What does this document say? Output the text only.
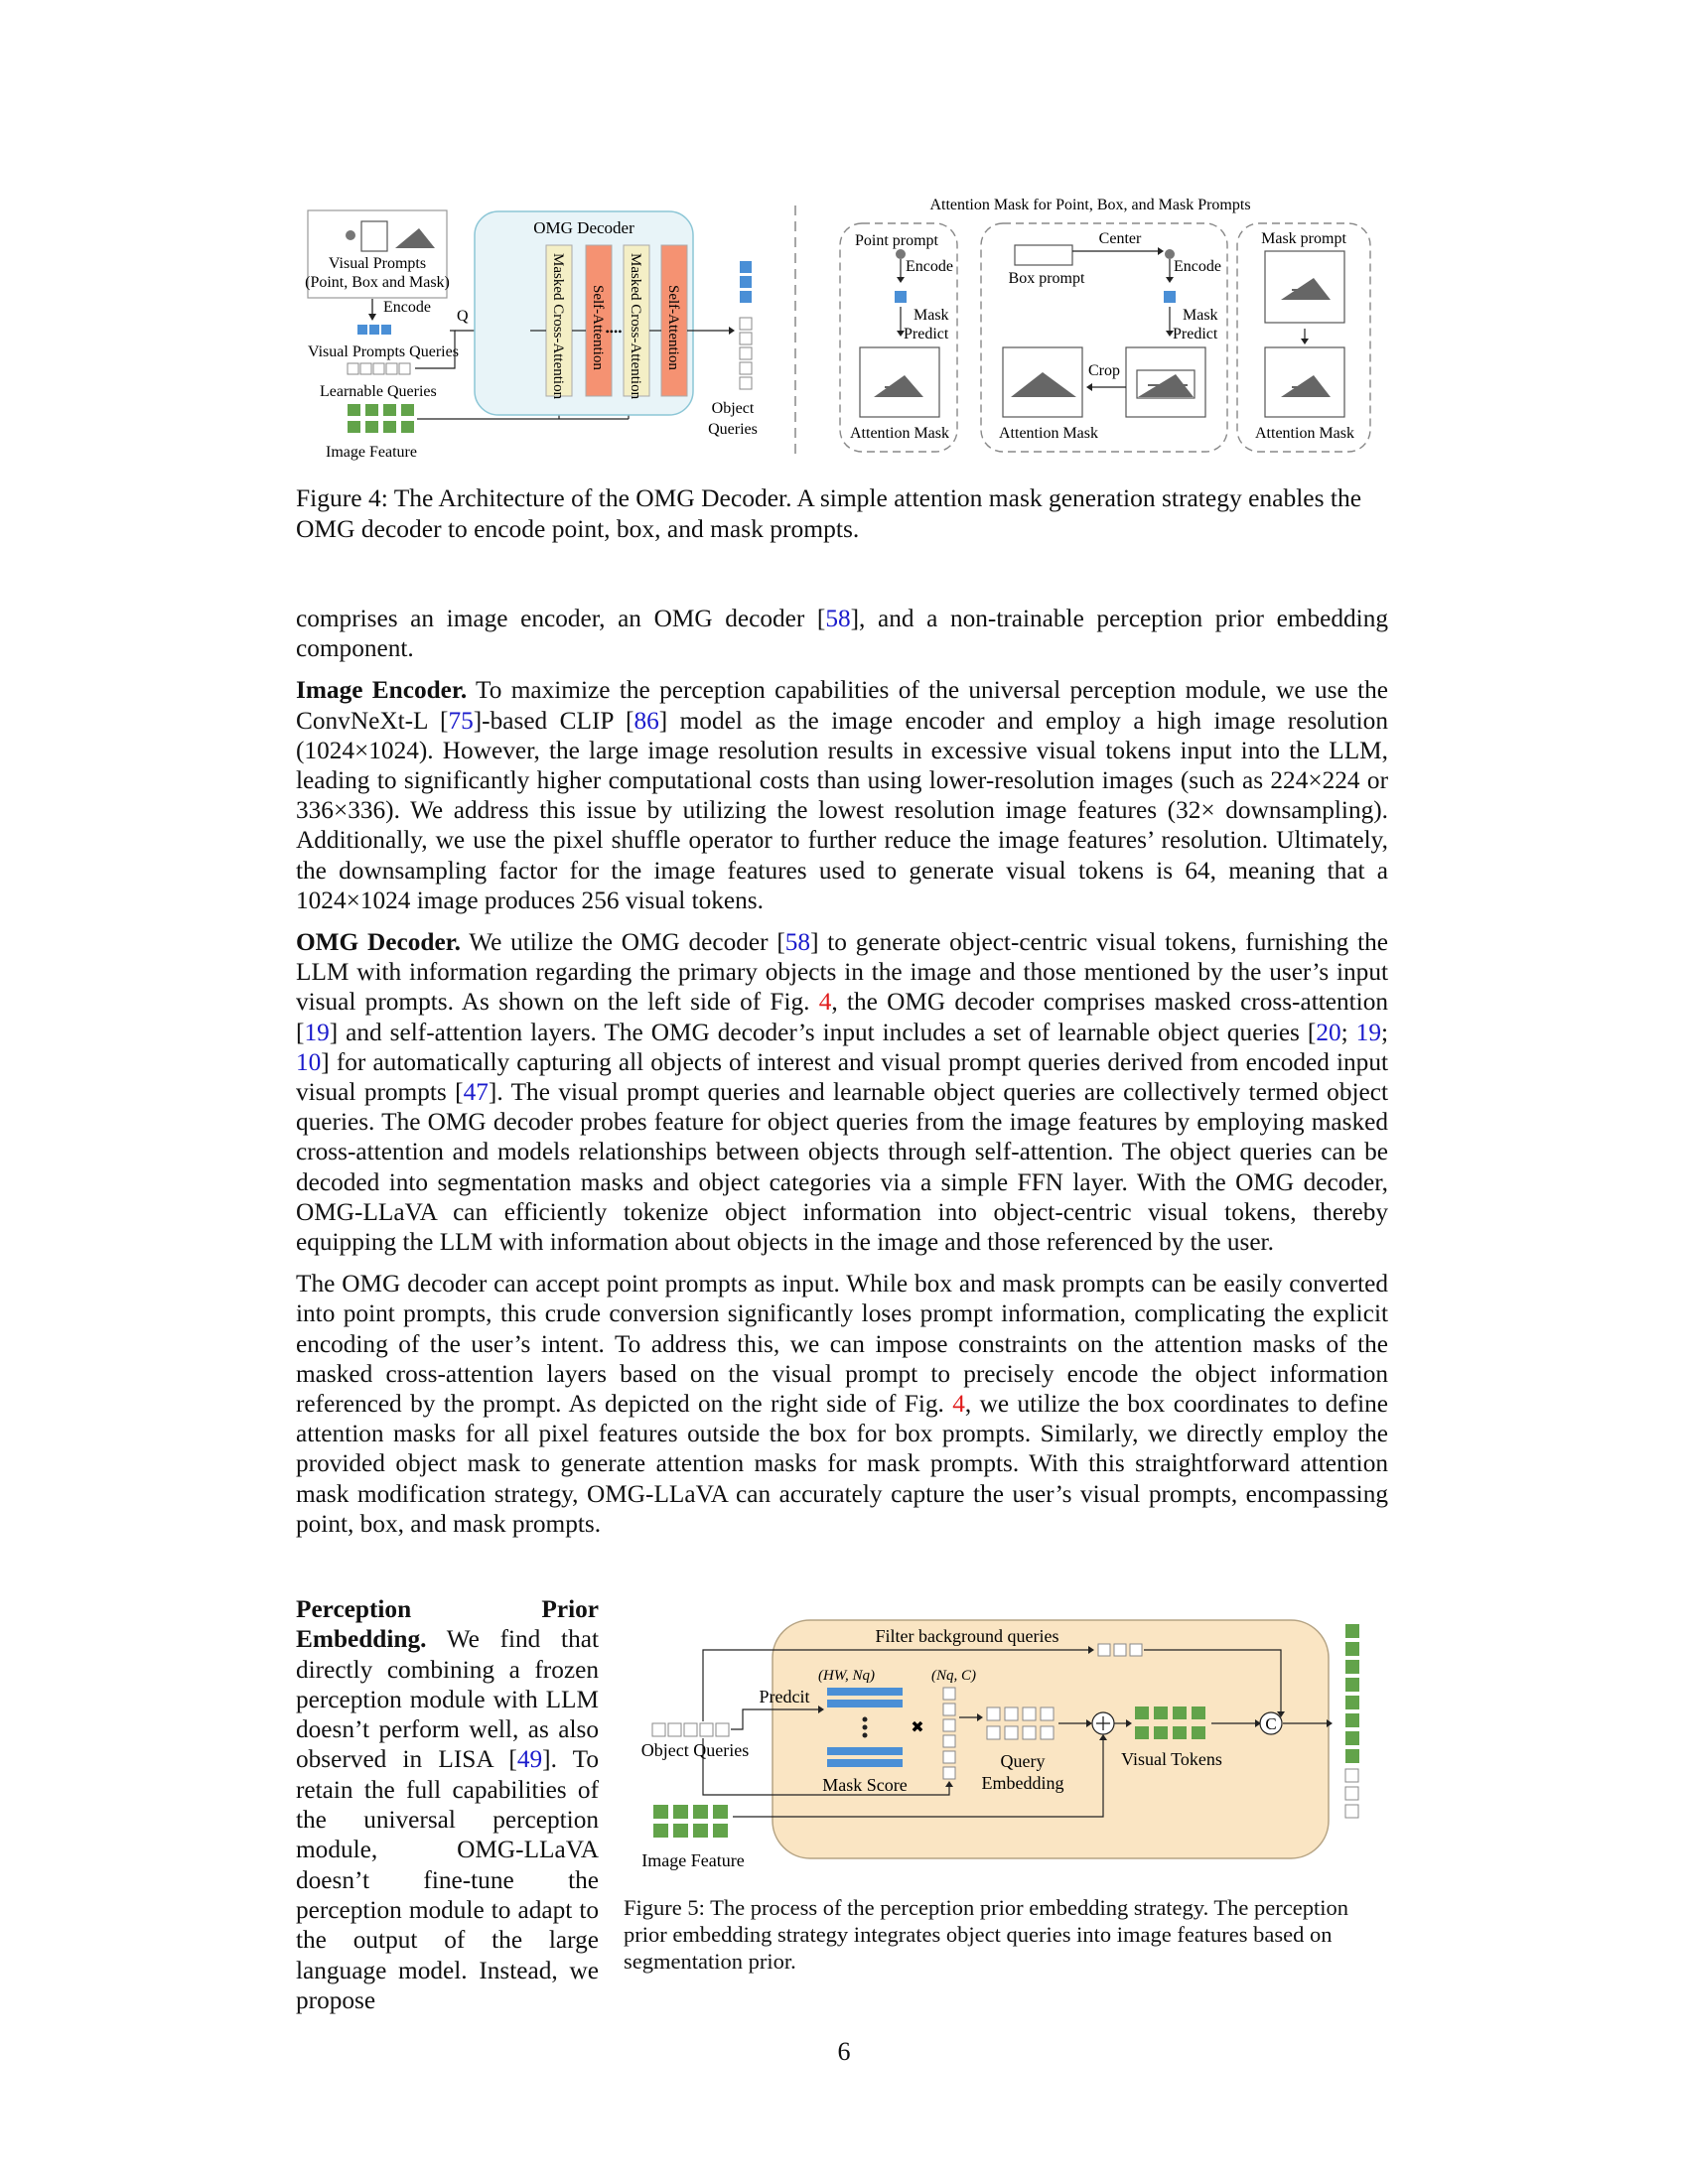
Visual Prompts
(Point, Box and Mask)
Encode
Visual Prompts Queries
Learnable Queries
Image Feature
Q
OMG Decoder
Masked Cross-Attention Self-Attention Masked Cross-Attention Self-Attention
••••
Object
Queries
Attention Mask for Point, Box, and Mask Prompts
Point prompt
Encode
Mask
Predict
Attention Mask
Center
Box prompt
Encode
Mask
Predict
Crop
Attention Mask
Mask prompt
Attention Mask
Figure 4: The Architecture of the OMG Decoder. A simple attention mask generation strategy enables the OMG decoder to encode point, box, and mask prompts.

comprises an image encoder, an OMG decoder [58], and a non-trainable perception prior embedding component.

Image Encoder. To maximize the perception capabilities of the universal perception module, we use the ConvNeXt-L [75]-based CLIP [86] model as the image encoder and employ a high image resolution (1024×1024). However, the large image resolution results in excessive visual tokens input into the LLM, leading to significantly higher computational costs than using lower-resolution images (such as 224×224 or 336×336). We address this issue by utilizing the lowest resolution image features (32× downsampling). Additionally, we use the pixel shuffle operator to further reduce the image features’ resolution. Ultimately, the downsampling factor for the image features used to generate visual tokens is 64, meaning that a 1024×1024 image produces 256 visual tokens.

OMG Decoder. We utilize the OMG decoder [58] to generate object-centric visual tokens, furnishing the LLM with information regarding the primary objects in the image and those mentioned by the user’s input visual prompts. As shown on the left side of Fig. 4, the OMG decoder comprises masked cross-attention [19] and self-attention layers. The OMG decoder’s input includes a set of learnable object queries [20; 19; 10] for automatically capturing all objects of interest and visual prompt queries derived from encoded input visual prompts [47]. The visual prompt queries and learnable object queries are collectively termed object queries. The OMG decoder probes feature for object queries from the image features by employing masked cross-attention and models relationships between objects through self-attention. The object queries can be decoded into segmentation masks and object categories via a simple FFN layer. With the OMG decoder, OMG-LLaVA can efficiently tokenize object information into object-centric visual tokens, thereby equipping the LLM with information about objects in the image and those referenced by the user.

The OMG decoder can accept point prompts as input. While box and mask prompts can be easily converted into point prompts, this crude conversion significantly loses prompt information, complicating the explicit encoding of the user’s intent. To address this, we can impose constraints on the attention masks of the masked cross-attention layers based on the visual prompt to precisely encode the object information referenced by the prompt. As depicted on the right side of Fig. 4, we utilize the box coordinates to define attention masks for all pixel features outside the box for box prompts. Similarly, we directly employ the provided object mask to generate attention masks for mask prompts. With this straightforward attention mask modification strategy, OMG-LLaVA can accurately capture the user’s visual prompts, encompassing point, box, and mask prompts.

Perception Prior Embedding. We find that directly combining a frozen perception module with LLM doesn’t perform well, as also observed in LISA [49]. To retain the full capabilities of the universal perception module, OMG-LLaVA doesn’t fine-tune the perception module to adapt to the output of the large language model. Instead, we propose
Filter background queries
Object Queries
Predcit
(HW, Nq)
Mask Score
✖
(Nq, C)
Query
Embedding
Visual Tokens
C
Image Feature
Figure 5: The process of the perception prior embedding strategy. The perception prior embedding strategy integrates object queries into image features based on segmentation prior.
6
